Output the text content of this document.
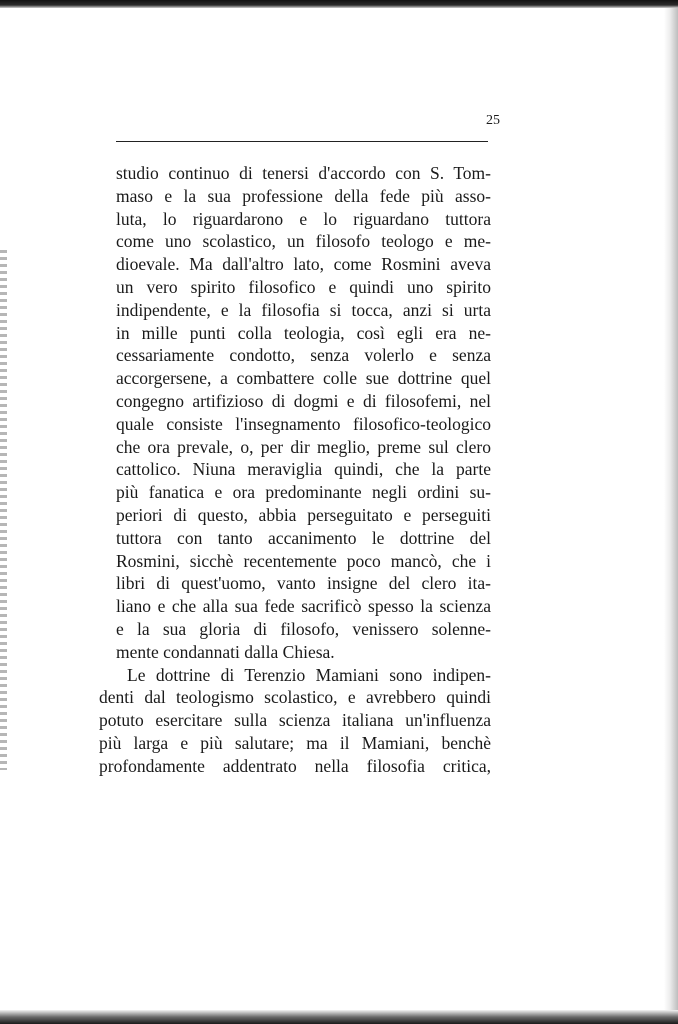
25
studio continuo di tenersi d'accordo con S. Tom-
maso e la sua professione della fede più asso-
luta, lo riguardarono e lo riguardano tuttora
come uno scolastico, un filosofo teologo e me-
dioevale. Ma dall'altro lato, come Rosmini aveva
un vero spirito filosofico e quindi uno spirito
indipendente, e la filosofia si tocca, anzi si urta
in mille punti colla teologia, così egli era ne-
cessariamente condotto, senza volerlo e senza
accorgersene, a combattere colle sue dottrine quel
congegno artifizioso di dogmi e di filosofemi, nel
quale consiste l'insegnamento filosofico-teologico
che ora prevale, o, per dir meglio, preme sul clero
cattolico. Niuna meraviglia quindi, che la parte
più fanatica e ora predominante negli ordini su-
periori di questo, abbia perseguitato e perseguiti
tuttora con tanto accanimento le dottrine del
Rosmini, sicchè recentemente poco mancò, che i
libri di quest'uomo, vanto insigne del clero ita-
liano e che alla sua fede sacrificò spesso la scienza
e la sua gloria di filosofo, venissero solenne-
mente condannati dalla Chiesa.
Le dottrine di Terenzio Mamiani sono indipen-
denti dal teologismo scolastico, e avrebbero quindi
potuto esercitare sulla scienza italiana un'influenza
più larga e più salutare; ma il Mamiani, benchè
profondamente addentrato nella filosofia critica,
